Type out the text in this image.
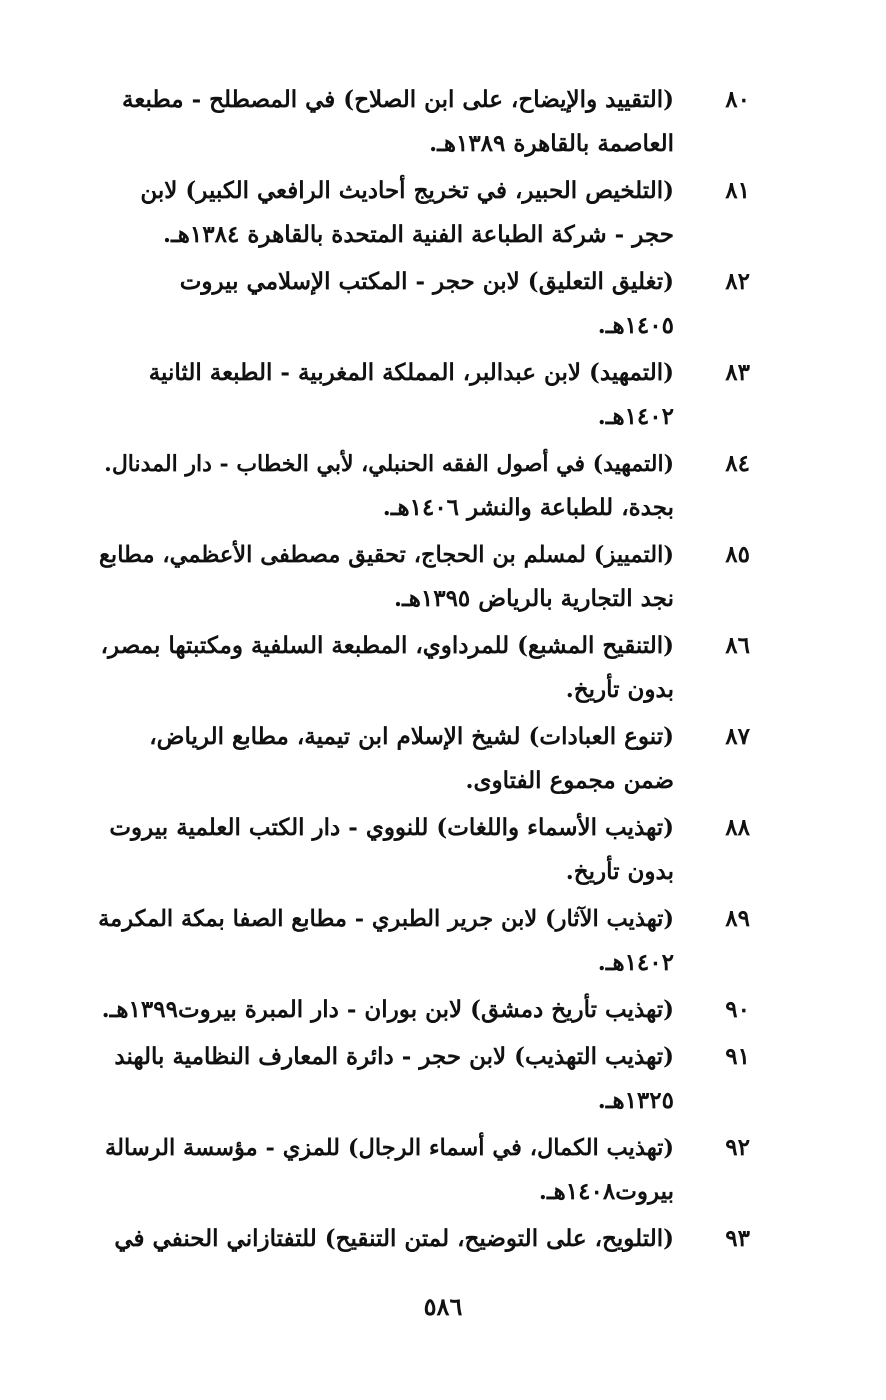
٨٠
(التقييد والإيضاح، على ابن الصلاح) في المصطلح - مطبعة
العاصمة بالقاهرة ١٣٨٩هـ.
٨١
(التلخيص الحبير، في تخريج أحاديث الرافعي الكبير) لابن
حجر - شركة الطباعة الفنية المتحدة بالقاهرة ١٣٨٤هـ.
٨٢
(تغليق التعليق) لابن حجر - المكتب الإسلامي بيروت
١٤٠٥هـ.
٨٣
(التمهيد) لابن عبدالبر، المملكة المغربية - الطبعة الثانية
١٤٠٢هـ.
٨٤
(التمهيد) في أصول الفقه الحنبلي، لأبي الخطاب - دار المدنال.
بجدة، للطباعة والنشر ١٤٠٦هـ.
٨٥
(التمييز) لمسلم بن الحجاج، تحقيق مصطفى الأعظمي، مطابع
نجد التجارية بالرياض ١٣٩٥هـ.
٨٦
(التنقيح المشبع) للمرداوي، المطبعة السلفية ومكتبتها بمصر،
بدون تأريخ.
٨٧
(تنوع العبادات) لشيخ الإسلام ابن تيمية، مطابع الرياض،
ضمن مجموع الفتاوى.
٨٨
(تهذيب الأسماء واللغات) للنووي - دار الكتب العلمية بيروت
بدون تأريخ.
٨٩
(تهذيب الآثار) لابن جرير الطبري - مطابع الصفا بمكة المكرمة
١٤٠٢هـ.
٩٠
(تهذيب تأريخ دمشق) لابن بوران - دار المبرة بيروت١٣٩٩هـ.
٩١
(تهذيب التهذيب) لابن حجر - دائرة المعارف النظامية بالهند
١٣٢٥هـ.
٩٢
(تهذيب الكمال، في أسماء الرجال) للمزي - مؤسسة الرسالة
بيروت١٤٠٨هـ.
٩٣
(التلويح، على التوضيح، لمتن التنقيح) للتفتازاني الحنفي في
٥٨٦
